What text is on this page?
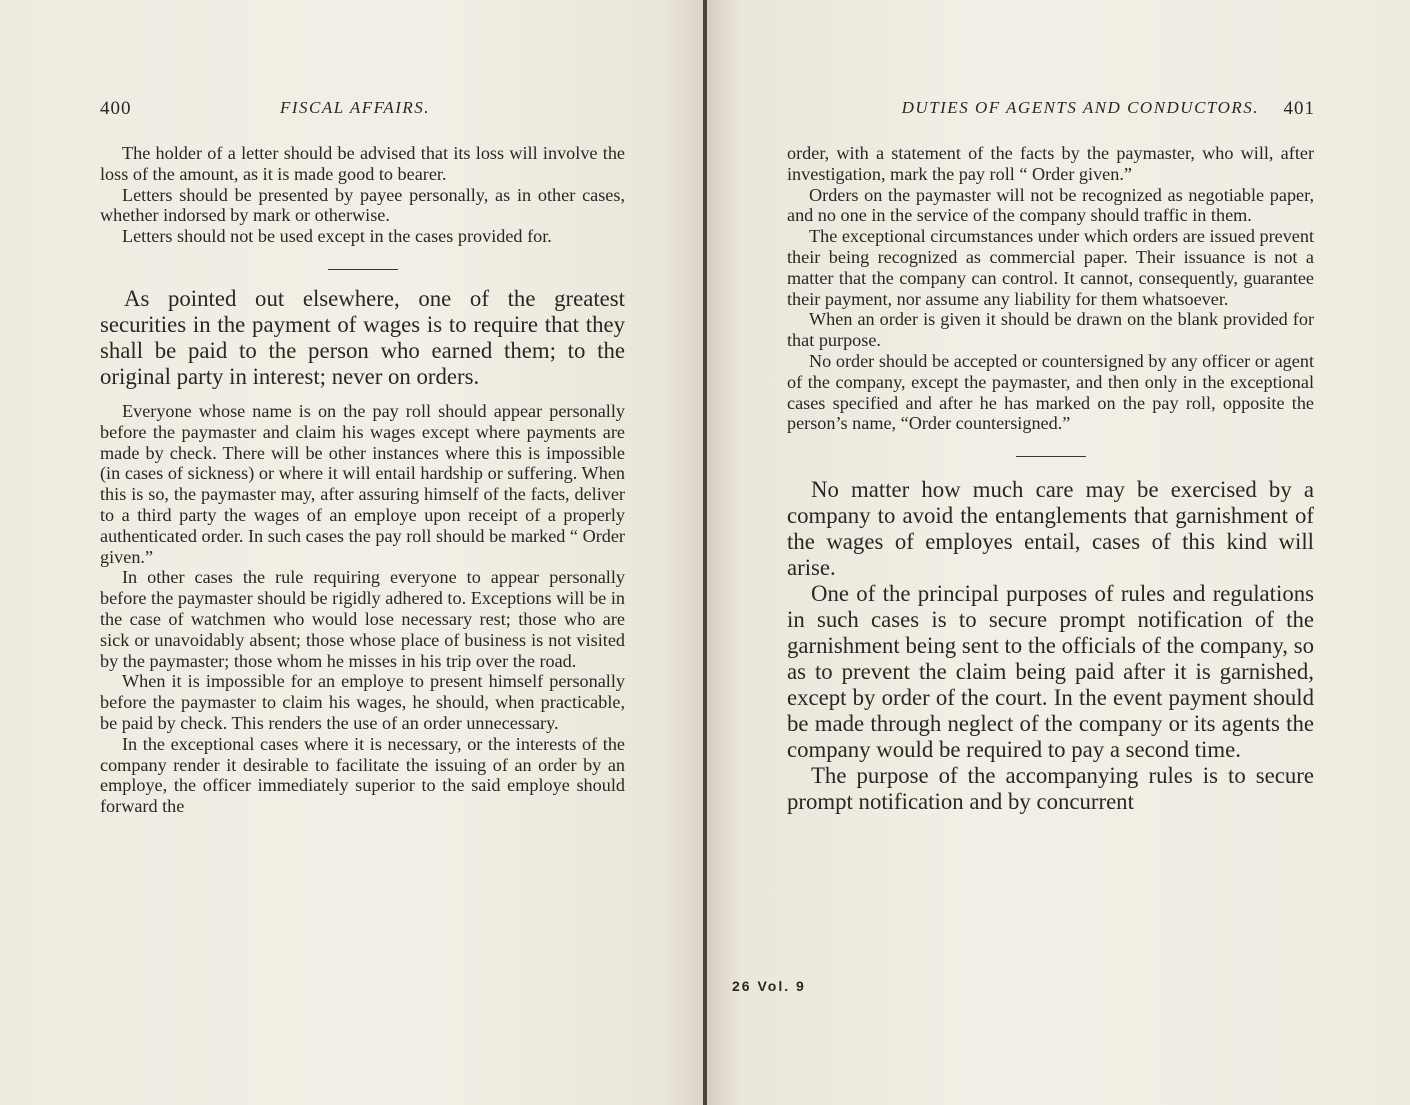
400	FISCAL AFFAIRS.

The holder of a letter should be advised that its loss will involve the loss of the amount, as it is made good to bearer.

Letters should be presented by payee personally, as in other cases, whether indorsed by mark or otherwise.

Letters should not be used except in the cases provided for.

As pointed out elsewhere, one of the greatest securities in the payment of wages is to require that they shall be paid to the person who earned them; to the original party in interest; never on orders.

Everyone whose name is on the pay roll should appear personally before the paymaster and claim his wages except where payments are made by check. There will be other instances where this is impossible (in cases of sickness) or where it will entail hardship or suffering. When this is so, the paymaster may, after assuring himself of the facts, deliver to a third party the wages of an employe upon receipt of a properly authenticated order. In such cases the pay roll should be marked “ Order given.”

In other cases the rule requiring everyone to appear personally before the paymaster should be rigidly adhered to. Exceptions will be in the case of watchmen who would lose necessary rest; those who are sick or unavoidably absent; those whose place of business is not visited by the paymaster; those whom he misses in his trip over the road.

When it is impossible for an employe to present himself personally before the paymaster to claim his wages, he should, when practicable, be paid by check. This renders the use of an order unnecessary.

In the exceptional cases where it is necessary, or the interests of the company render it desirable to facilitate the issuing of an order by an employe, the officer immediately superior to the said employe should forward the

DUTIES OF AGENTS AND CONDUCTORS. 401

order, with a statement of the facts by the paymaster, who will, after investigation, mark the pay roll “ Order given.”

Orders on the paymaster will not be recognized as negotiable paper, and no one in the service of the company should traffic in them.

The exceptional circumstances under which orders are issued prevent their being recognized as commercial paper. Their issuance is not a matter that the company can control. It cannot, consequently, guarantee their payment, nor assume any liability for them whatsoever.

When an order is given it should be drawn on the blank provided for that purpose.

No order should be accepted or countersigned by any officer or agent of the company, except the paymaster, and then only in the exceptional cases specified and after he has marked on the pay roll, opposite the person’s name, “Order countersigned.”

No matter how much care may be exercised by a company to avoid the entanglements that garnishment of the wages of employes entail, cases of this kind will arise.

One of the principal purposes of rules and regulations in such cases is to secure prompt notification of the garnishment being sent to the officials of the company, so as to prevent the claim being paid after it is garnished, except by order of the court. In the event payment should be made through neglect of the company or its agents the company would be required to pay a second time.

The purpose of the accompanying rules is to secure prompt notification and by concurrent

26 Vol. 9
